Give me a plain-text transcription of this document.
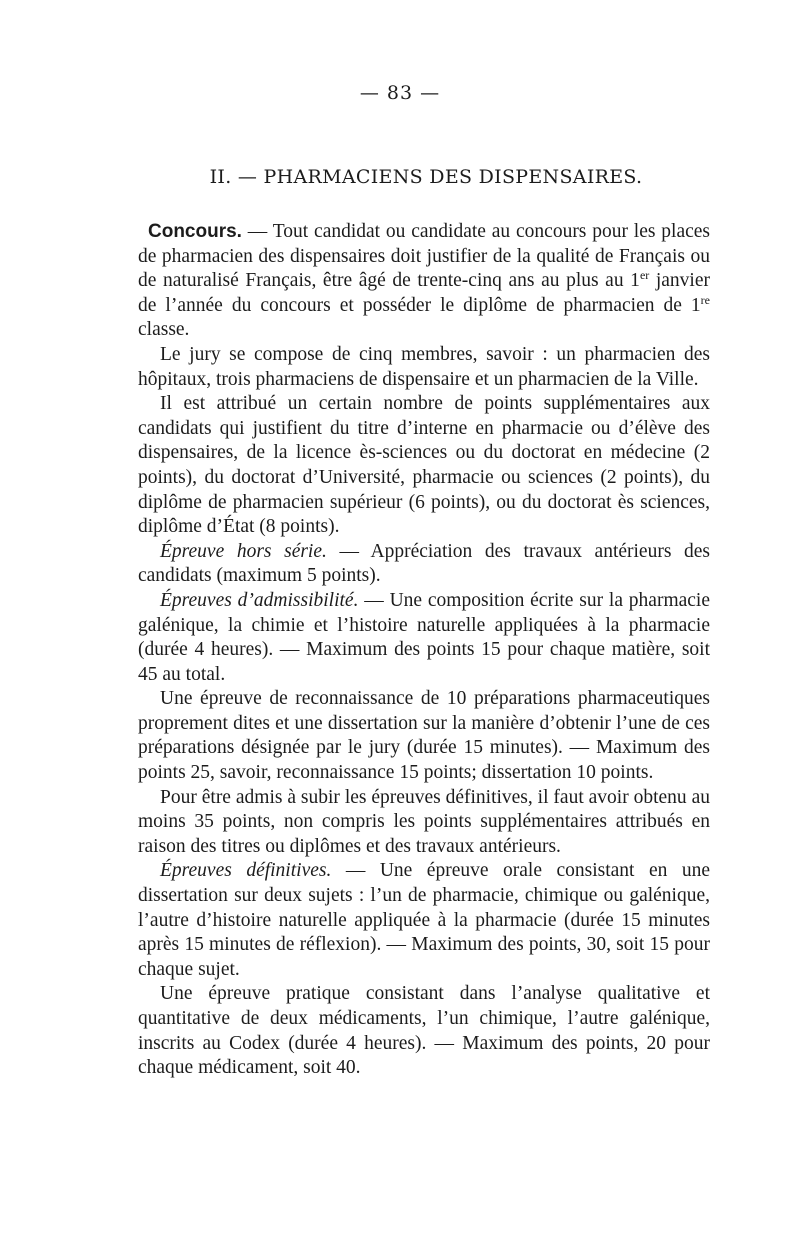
— 83 —
II. — PHARMACIENS DES DISPENSAIRES.

Concours. — Tout candidat ou candidate au concours pour les places de pharmacien des dispensaires doit justifier de la qualité de Français ou de naturalisé Français, être âgé de trente-cinq ans au plus au 1er janvier de l’année du concours et posséder le diplôme de pharmacien de 1re classe.

Le jury se compose de cinq membres, savoir : un pharmacien des hôpitaux, trois pharmaciens de dispensaire et un pharmacien de la Ville.

Il est attribué un certain nombre de points supplémentaires aux candidats qui justifient du titre d’interne en pharmacie ou d’élève des dispensaires, de la licence ès-sciences ou du doctorat en médecine (2 points), du doctorat d’Université, pharmacie ou sciences (2 points), du diplôme de pharmacien supérieur (6 points), ou du doctorat ès sciences, diplôme d’État (8 points).

Épreuve hors série. — Appréciation des travaux antérieurs des candidats (maximum 5 points).

Épreuves d’admissibilité. — Une composition écrite sur la pharmacie galénique, la chimie et l’histoire naturelle appliquées à la pharmacie (durée 4 heures). — Maximum des points 15 pour chaque matière, soit 45 au total.

Une épreuve de reconnaissance de 10 préparations pharmaceutiques proprement dites et une dissertation sur la manière d’obtenir l’une de ces préparations désignée par le jury (durée 15 minutes). — Maximum des points 25, savoir, reconnaissance 15 points; dissertation 10 points.

Pour être admis à subir les épreuves définitives, il faut avoir obtenu au moins 35 points, non compris les points supplémentaires attribués en raison des titres ou diplômes et des travaux antérieurs.

Épreuves définitives. — Une épreuve orale consistant en une dissertation sur deux sujets : l’un de pharmacie, chimique ou galénique, l’autre d’histoire naturelle appliquée à la pharmacie (durée 15 minutes après 15 minutes de réflexion). — Maximum des points, 30, soit 15 pour chaque sujet.

Une épreuve pratique consistant dans l’analyse qualitative et quantitative de deux médicaments, l’un chimique, l’autre galénique, inscrits au Codex (durée 4 heures). — Maximum des points, 20 pour chaque médicament, soit 40.
